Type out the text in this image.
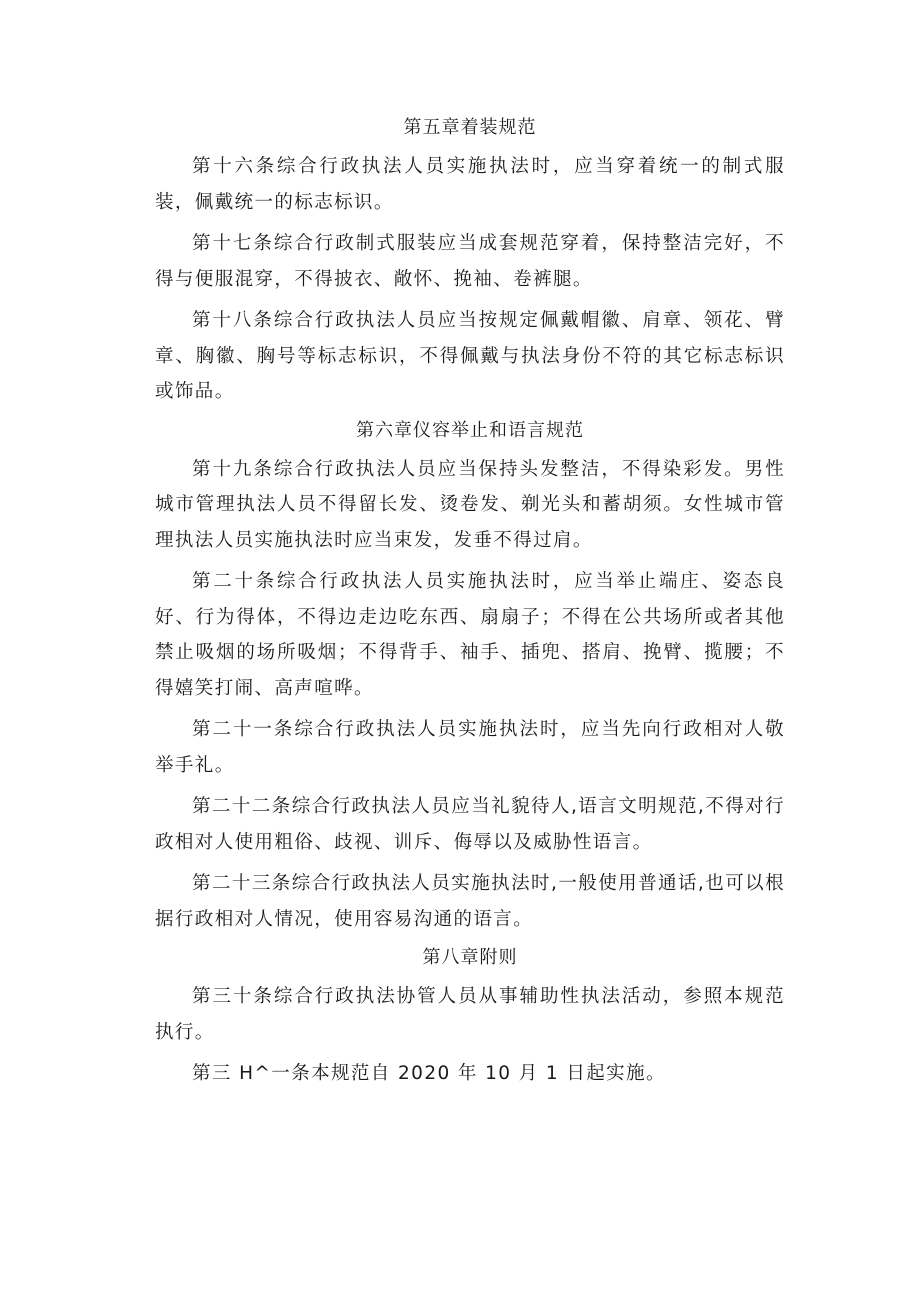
第五章着装规范

第十六条综合行政执法人员实施执法时，应当穿着统一的制式服装，佩戴统一的标志标识。

第十七条综合行政制式服装应当成套规范穿着，保持整洁完好，不得与便服混穿，不得披衣、敞怀、挽袖、卷裤腿。

第十八条综合行政执法人员应当按规定佩戴帽徽、肩章、领花、臂章、胸徽、胸号等标志标识，不得佩戴与执法身份不符的其它标志标识或饰品。

第六章仪容举止和语言规范

第十九条综合行政执法人员应当保持头发整洁，不得染彩发。男性城市管理执法人员不得留长发、烫卷发、剃光头和蓄胡须。女性城市管理执法人员实施执法时应当束发，发垂不得过肩。

第二十条综合行政执法人员实施执法时，应当举止端庄、姿态良好、行为得体，不得边走边吃东西、扇扇子；不得在公共场所或者其他禁止吸烟的场所吸烟；不得背手、袖手、插兜、搭肩、挽臂、揽腰；不得嬉笑打闹、高声喧哗。

第二十一条综合行政执法人员实施执法时，应当先向行政相对人敬举手礼。

第二十二条综合行政执法人员应当礼貌待人,语言文明规范,不得对行政相对人使用粗俗、歧视、训斥、侮辱以及威胁性语言。

第二十三条综合行政执法人员实施执法时,一般使用普通话,也可以根据行政相对人情况，使用容易沟通的语言。

第八章附则

第三十条综合行政执法协管人员从事辅助性执法活动，参照本规范执行。

第三 H^一条本规范自 2020 年 10 月 1 日起实施。
